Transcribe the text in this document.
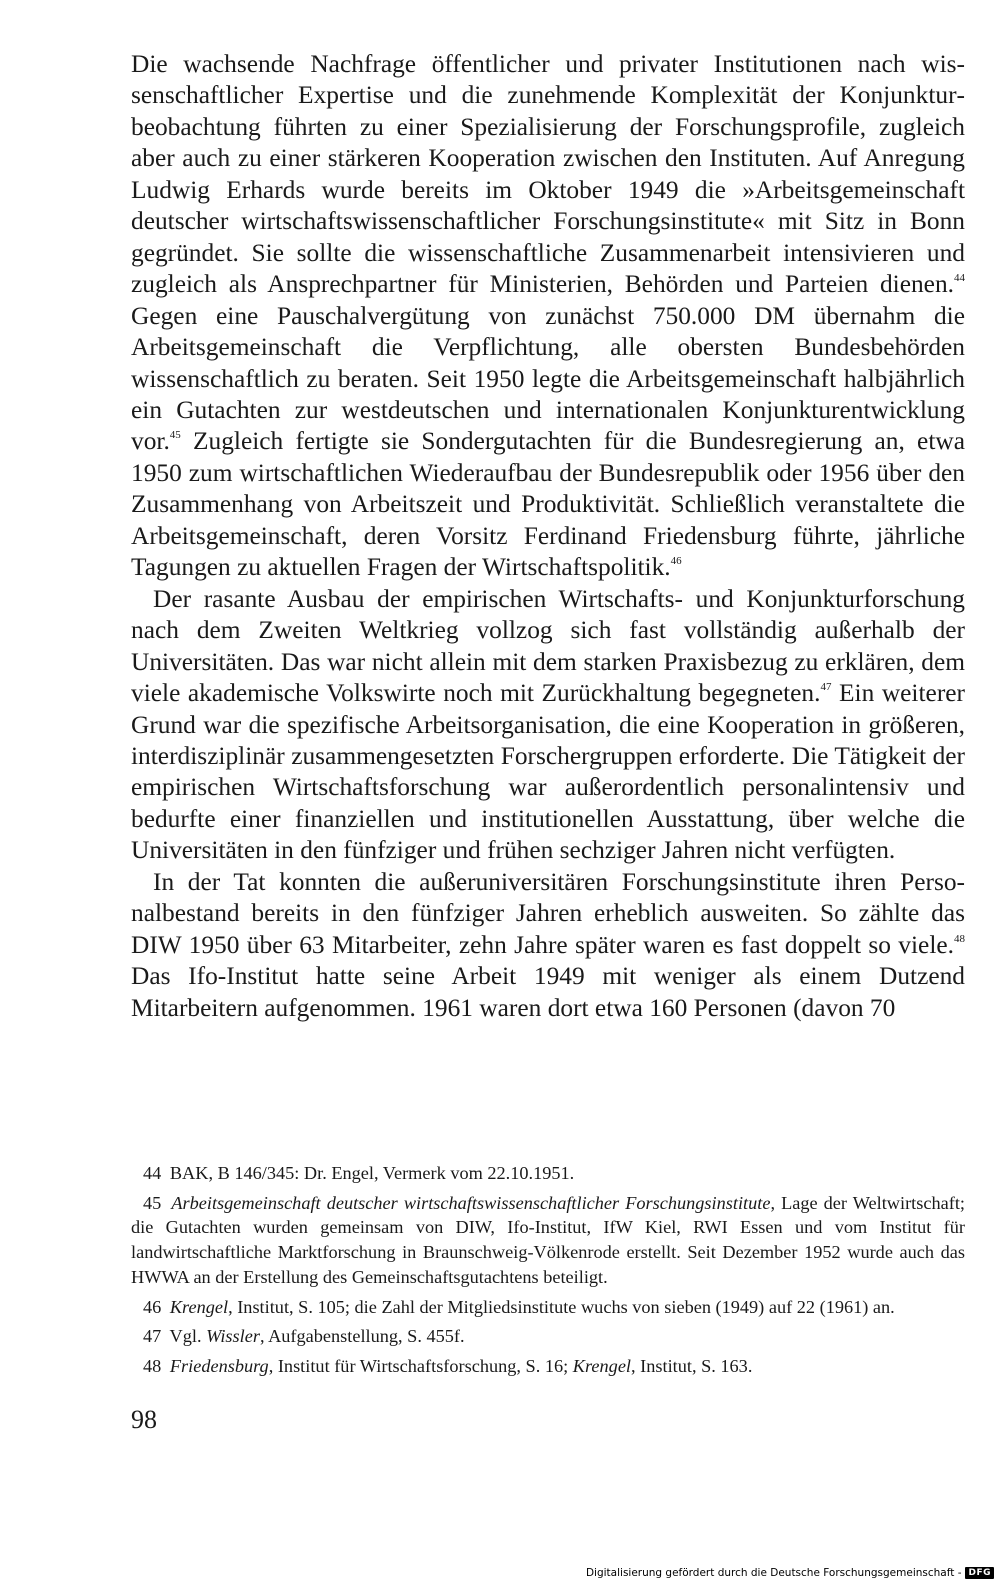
Die wachsende Nachfrage öffentlicher und privater Institutionen nach wissenschaftlicher Expertise und die zunehmende Komplexität der Konjunkturbeobachtung führten zu einer Spezialisierung der Forschungsprofile, zugleich aber auch zu einer stärkeren Kooperation zwischen den Instituten. Auf Anregung Ludwig Erhards wurde bereits im Oktober 1949 die »Arbeitsgemeinschaft deutscher wirtschaftswissenschaftlicher Forschungsinstitute« mit Sitz in Bonn gegründet. Sie sollte die wissenschaftliche Zusammenarbeit intensivieren und zugleich als Ansprechpartner für Ministerien, Behörden und Parteien dienen.$^{44}$ Gegen eine Pauschalvergütung von zunächst 750.000 DM übernahm die Arbeitsgemeinschaft die Verpflichtung, alle obersten Bundesbehörden wissenschaftlich zu beraten. Seit 1950 legte die Arbeitsgemeinschaft halbjährlich ein Gutachten zur westdeutschen und internationalen Konjunkturentwicklung vor.$^{45}$ Zugleich fertigte sie Sondergutachten für die Bundesregierung an, etwa 1950 zum wirtschaftlichen Wiederaufbau der Bundesrepublik oder 1956 über den Zusammenhang von Arbeitszeit und Produktivität. Schließlich veranstaltete die Arbeitsgemeinschaft, deren Vorsitz Ferdinand Friedensburg führte, jährliche Tagungen zu aktuellen Fragen der Wirtschaftspolitik.$^{46}$

Der rasante Ausbau der empirischen Wirtschafts- und Konjunkturforschung nach dem Zweiten Weltkrieg vollzog sich fast vollständig außerhalb der Universitäten. Das war nicht allein mit dem starken Praxisbezug zu erklären, dem viele akademische Volkswirte noch mit Zurückhaltung begegneten.$^{47}$ Ein weiterer Grund war die spezifische Arbeitsorganisation, die eine Kooperation in größeren, interdisziplinär zusammengesetzten Forschergruppen erforderte. Die Tätigkeit der empirischen Wirtschaftsforschung war außerordentlich personalintensiv und bedurfte einer finanziellen und institutionellen Ausstattung, über welche die Universitäten in den fünfziger und frühen sechziger Jahren nicht verfügten.

In der Tat konnten die außeruniversitären Forschungsinstitute ihren Personalbestand bereits in den fünfziger Jahren erheblich ausweiten. So zählte das DIW 1950 über 63 Mitarbeiter, zehn Jahre später waren es fast doppelt so viele.$^{48}$ Das Ifo-Institut hatte seine Arbeit 1949 mit weniger als einem Dutzend Mitarbeitern aufgenommen. 1961 waren dort etwa 160 Personen (davon 70

44 BAK, B 146/345: Dr. Engel, Vermerk vom 22.10.1951.

45 Arbeitsgemeinschaft deutscher wirtschaftswissenschaftlicher Forschungsinstitute, Lage der Weltwirtschaft; die Gutachten wurden gemeinsam von DIW, Ifo-Institut, IfW Kiel, RWI Essen und vom Institut für landwirtschaftliche Marktforschung in Braunschweig-Völkenrode erstellt. Seit Dezember 1952 wurde auch das HWWA an der Erstellung des Gemeinschaftsgutachtens beteiligt.

46 Krengel, Institut, S. 105; die Zahl der Mitgliedsinstitute wuchs von sieben (1949) auf 22 (1961) an.

47 Vgl. Wissler, Aufgabenstellung, S. 455f.

48 Friedensburg, Institut für Wirtschaftsforschung, S. 16; Krengel, Institut, S. 163.

98
Digitalisierung gefördert durch die Deutsche Forschungsgemeinschaft - DFG
